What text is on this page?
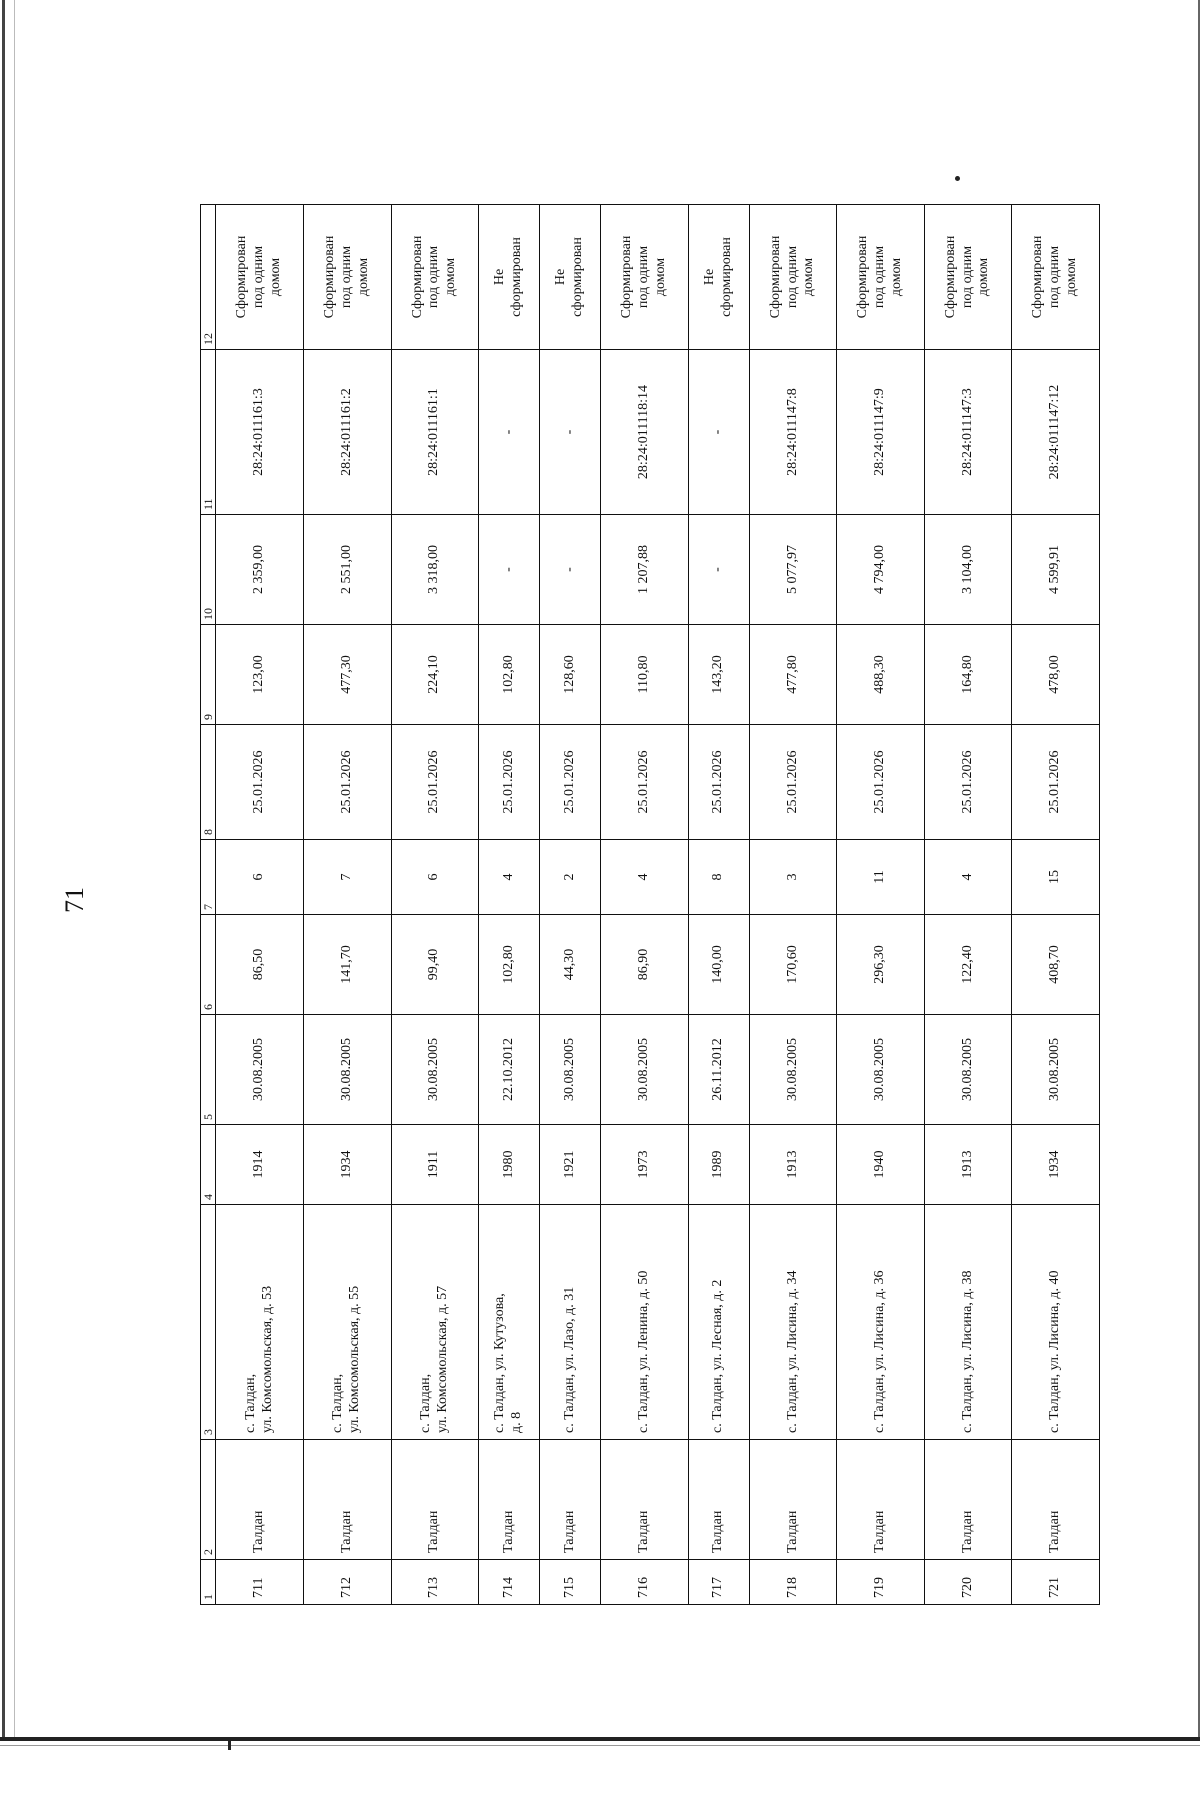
71
1	2	3	4	5	6	7	8	9	10	11	12
711	Талдан	с. Талдан,
ул. Комсомольская, д. 53	1914	30.08.2005	86,50	6	25.01.2026	123,00	2 359,00	28:24:011161:3	Сформирован
под одним
домом
712	Талдан	с. Талдан,
ул. Комсомольская, д. 55	1934	30.08.2005	141,70	7	25.01.2026	477,30	2 551,00	28:24:011161:2	Сформирован
под одним
домом
713	Талдан	с. Талдан,
ул. Комсомольская, д. 57	1911	30.08.2005	99,40	6	25.01.2026	224,10	3 318,00	28:24:011161:1	Сформирован
под одним
домом
714	Талдан	с. Талдан, ул. Кутузова,
д. 8	1980	22.10.2012	102,80	4	25.01.2026	102,80	-	-	Не
сформирован
715	Талдан	с. Талдан, ул. Лазо, д. 31	1921	30.08.2005	44,30	2	25.01.2026	128,60	-	-	Не
сформирован
716	Талдан	с. Талдан, ул. Ленина, д. 50	1973	30.08.2005	86,90	4	25.01.2026	110,80	1 207,88	28:24:011118:14	Сформирован
под одним
домом
717	Талдан	с. Талдан, ул. Лесная, д. 2	1989	26.11.2012	140,00	8	25.01.2026	143,20	-	-	Не
сформирован
718	Талдан	с. Талдан, ул. Лисина, д. 34	1913	30.08.2005	170,60	3	25.01.2026	477,80	5 077,97	28:24:011147:8	Сформирован
под одним
домом
719	Талдан	с. Талдан, ул. Лисина, д. 36	1940	30.08.2005	296,30	11	25.01.2026	488,30	4 794,00	28:24:011147:9	Сформирован
под одним
домом
720	Талдан	с. Талдан, ул. Лисина, д. 38	1913	30.08.2005	122,40	4	25.01.2026	164,80	3 104,00	28:24:011147:3	Сформирован
под одним
домом
721	Талдан	с. Талдан, ул. Лисина, д. 40	1934	30.08.2005	408,70	15	25.01.2026	478,00	4 599,91	28:24:011147:12	Сформирован
под одним
домом
